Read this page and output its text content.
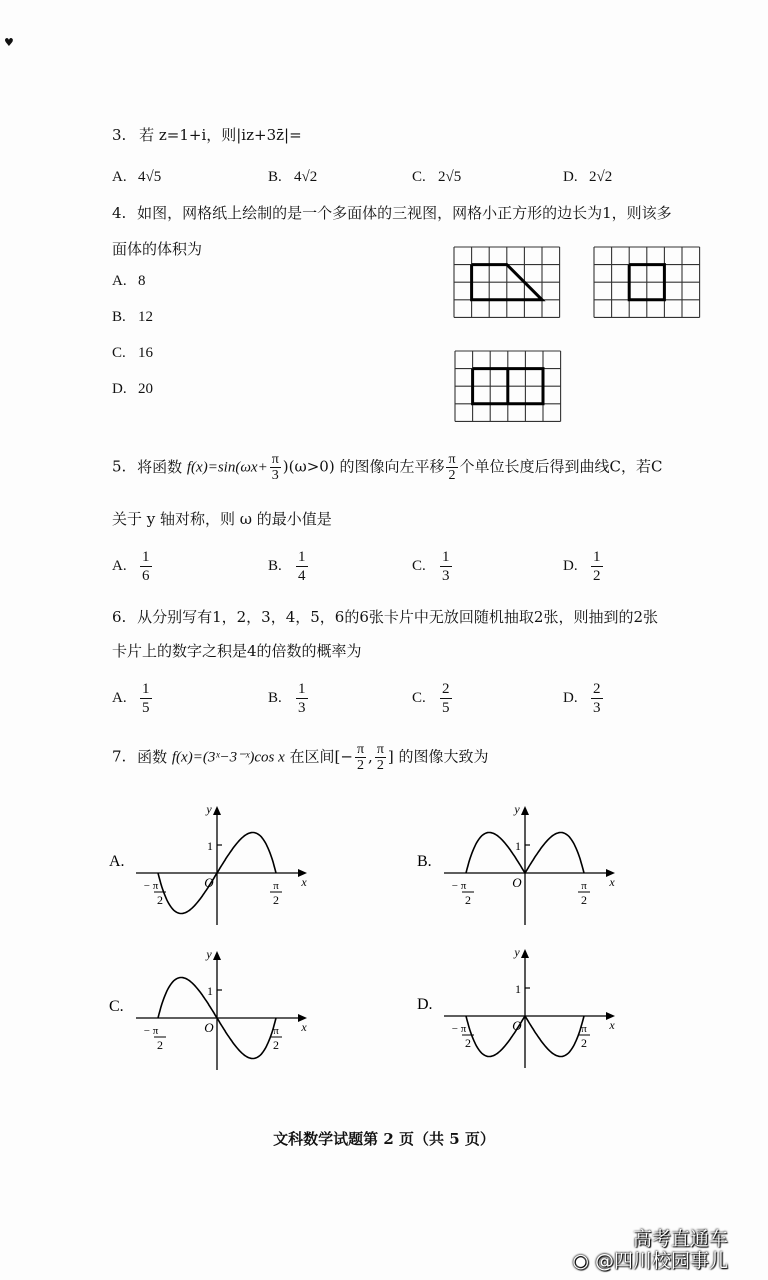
♥
3. 若 z=1+i，则|iz+3z̄|=
A. 4√5	B. 4√2	C. 2√5	D. 2√2
4. 如图，网格纸上绘制的是一个多面体的三视图，网格小正方形的边长为1，则该多
面体的体积为
A. 8
B. 12
C. 16
D. 20
5. 将函数 $f(x)=\sin(\omega x+ \frac{\pi}{3} )(\omega>0)$ 的图像向左平移 $\frac{\pi}{2}$ 个单位长度后得到曲线C，若C
关于 y 轴对称，则 ω 的最小值是
A. $\frac{1}{6}$	B. $\frac{1}{4}$	C. $\frac{1}{3}$	D. $\frac{1}{2}$
6. 从分别写有1，2，3，4，5，6的6张卡片中无放回随机抽取2张，则抽到的2张
卡片上的数字之积是4的倍数的概率为
A. $\frac{1}{5}$	B. $\frac{1}{3}$	C. $\frac{2}{5}$	D. $\frac{2}{3}$
7. 函数 f(x)=(3ˣ−3⁻ˣ)cos x 在区间[− $\frac{\pi}{2}$ , $\frac{\pi}{2}$ ] 的图像大致为
A.
y
x
O
1
− π
2
π
2
B.
y
x
O
1
− π
2
π
2
C.
y
x
O
1
− π
2
π
2
D.
y
x
O
1
− π
2
π
2
文科数学试题第 2 页（共 5 页）
高考直通车
◉ @四川校园事儿
